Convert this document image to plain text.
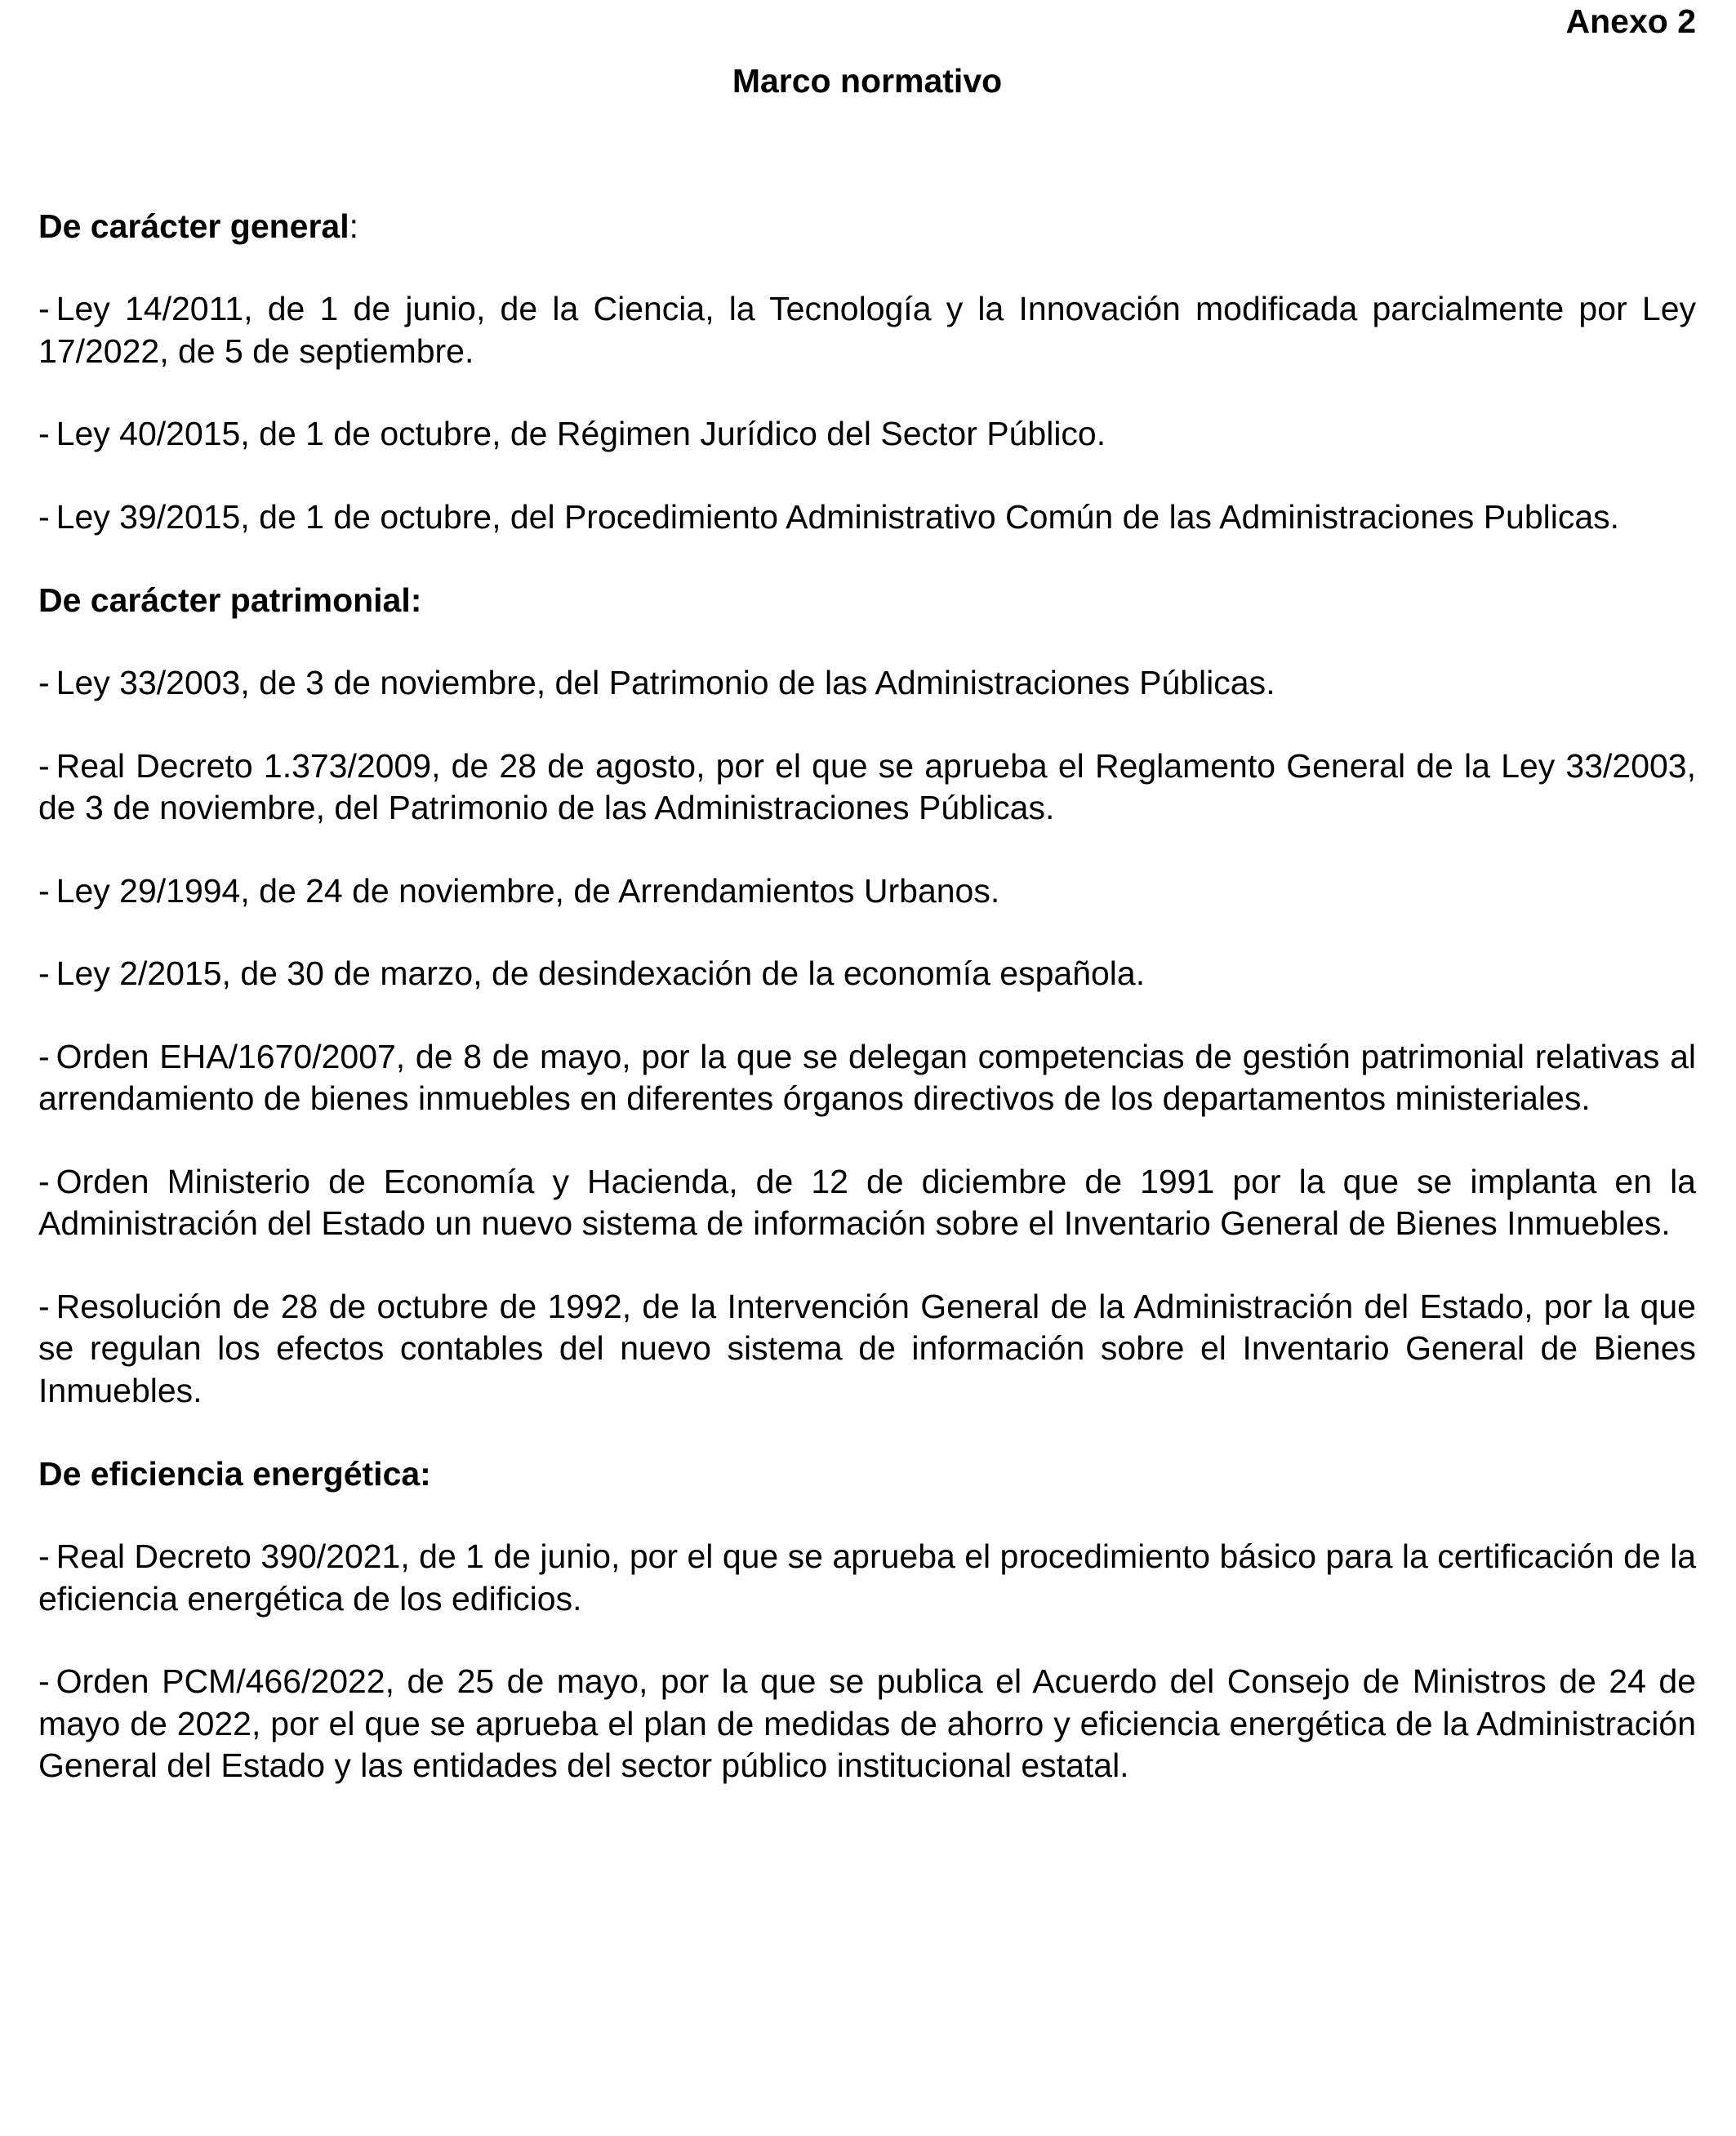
Anexo 2
Marco normativo
De carácter general:
- Ley 14/2011, de 1 de junio, de la Ciencia, la Tecnología y la Innovación modificada parcialmente por Ley 17/2022, de 5 de septiembre.
- Ley 40/2015, de 1 de octubre, de Régimen Jurídico del Sector Público.
- Ley 39/2015, de 1 de octubre, del Procedimiento Administrativo Común de las Administraciones Publicas.
De carácter patrimonial:
- Ley 33/2003, de 3 de noviembre, del Patrimonio de las Administraciones Públicas.
- Real Decreto 1.373/2009, de 28 de agosto, por el que se aprueba el Reglamento General de la Ley 33/2003, de 3 de noviembre, del Patrimonio de las Administraciones Públicas.
- Ley 29/1994, de 24 de noviembre, de Arrendamientos Urbanos.
- Ley 2/2015, de 30 de marzo, de desindexación de la economía española.
- Orden EHA/1670/2007, de 8 de mayo, por la que se delegan competencias de gestión patrimonial relativas al arrendamiento de bienes inmuebles en diferentes órganos directivos de los departamentos ministeriales.
- Orden Ministerio de Economía y Hacienda, de 12 de diciembre de 1991 por la que se implanta en la Administración del Estado un nuevo sistema de información sobre el Inventario General de Bienes Inmuebles.
- Resolución de 28 de octubre de 1992, de la Intervención General de la Administración del Estado, por la que se regulan los efectos contables del nuevo sistema de información sobre el Inventario General de Bienes Inmuebles.
De eficiencia energética:
- Real Decreto 390/2021, de 1 de junio, por el que se aprueba el procedimiento básico para la certificación de la eficiencia energética de los edificios.
- Orden PCM/466/2022, de 25 de mayo, por la que se publica el Acuerdo del Consejo de Ministros de 24 de mayo de 2022, por el que se aprueba el plan de medidas de ahorro y eficiencia energética de la Administración General del Estado y las entidades del sector público institucional estatal.
